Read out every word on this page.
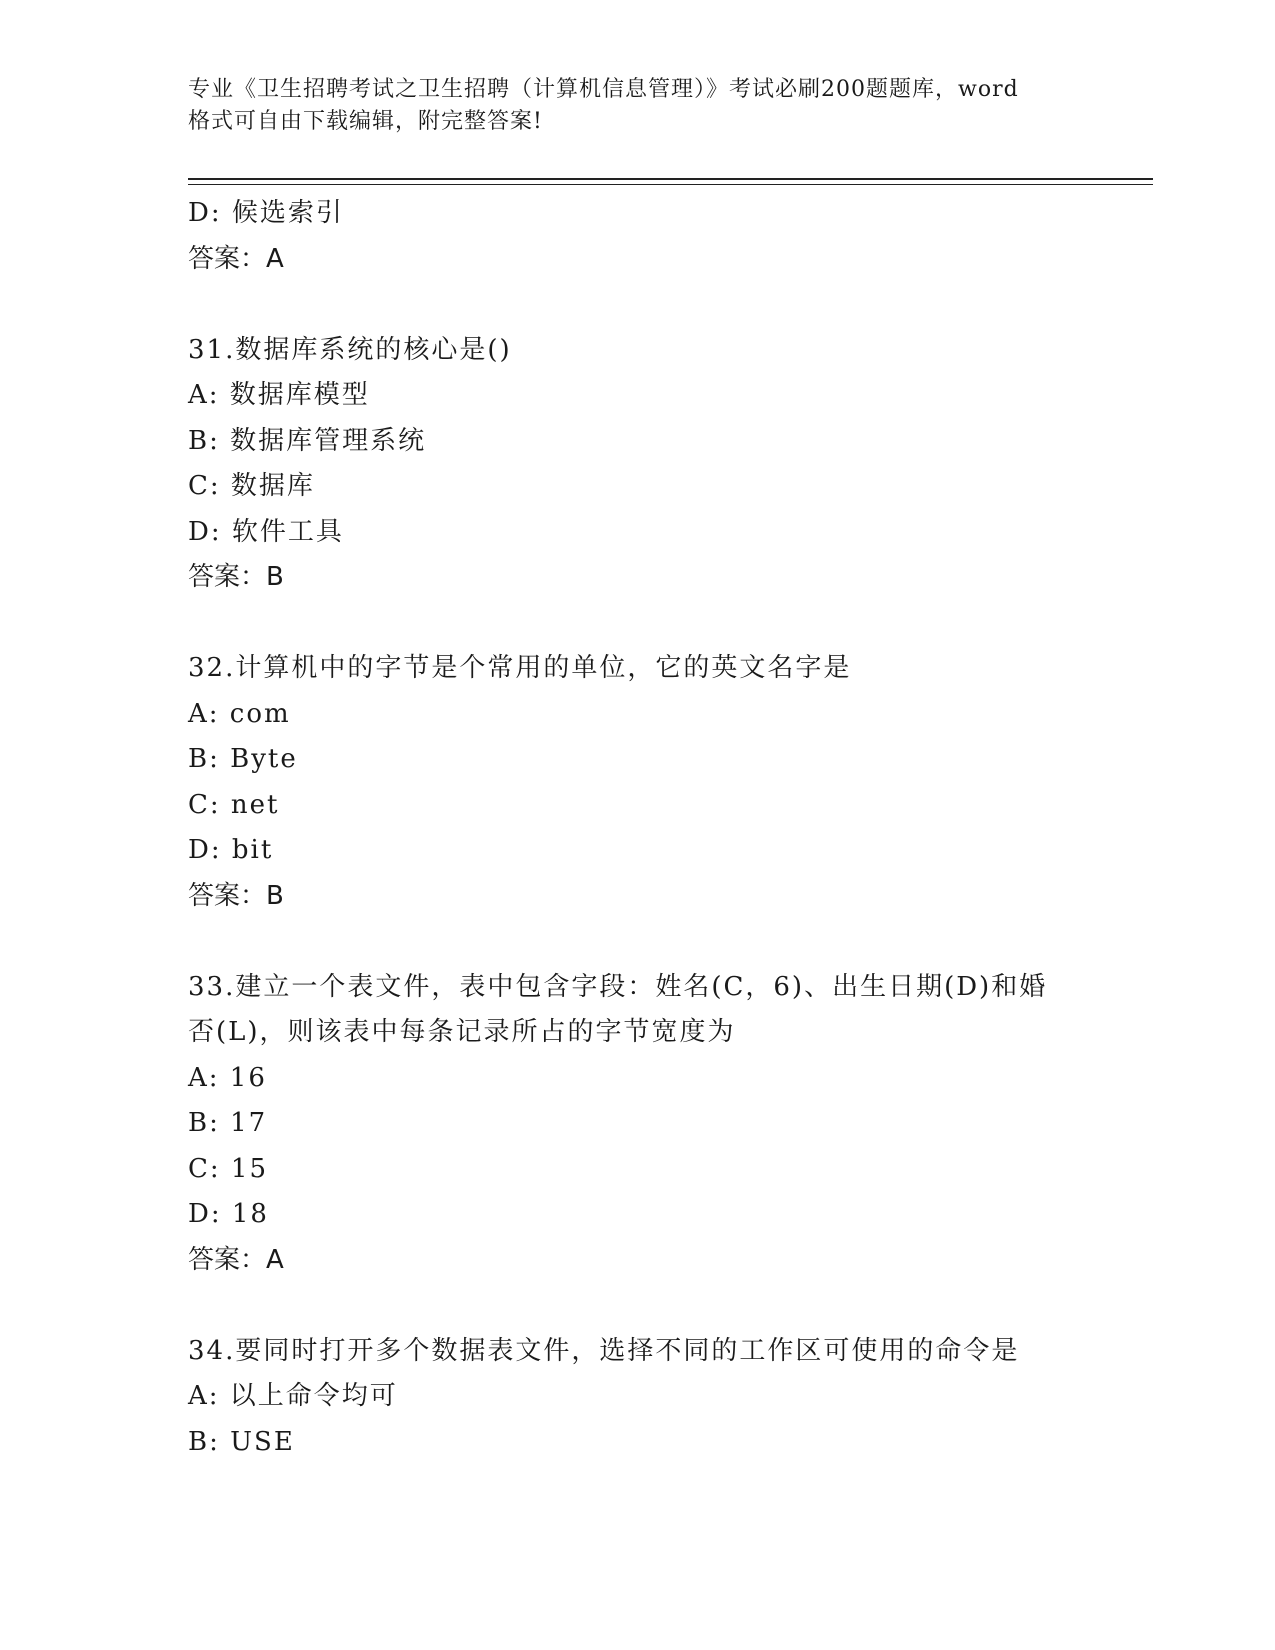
专业《卫生招聘考试之卫生招聘（计算机信息管理）》考试必刷200题题库，word

格式可自由下载编辑，附完整答案!

D: 候选索引

答案：A

31.数据库系统的核心是()

A: 数据库模型

B: 数据库管理系统

C: 数据库

D: 软件工具

答案：B

32.计算机中的字节是个常用的单位，它的英文名字是

A: com

B: Byte

C: net

D: bit

答案：B

33.建立一个表文件，表中包含字段：姓名(C，6)、出生日期(D)和婚

否(L)，则该表中每条记录所占的字节宽度为

A: 16

B: 17

C: 15

D: 18

答案：A

34.要同时打开多个数据表文件，选择不同的工作区可使用的命令是

A: 以上命令均可

B: USE
